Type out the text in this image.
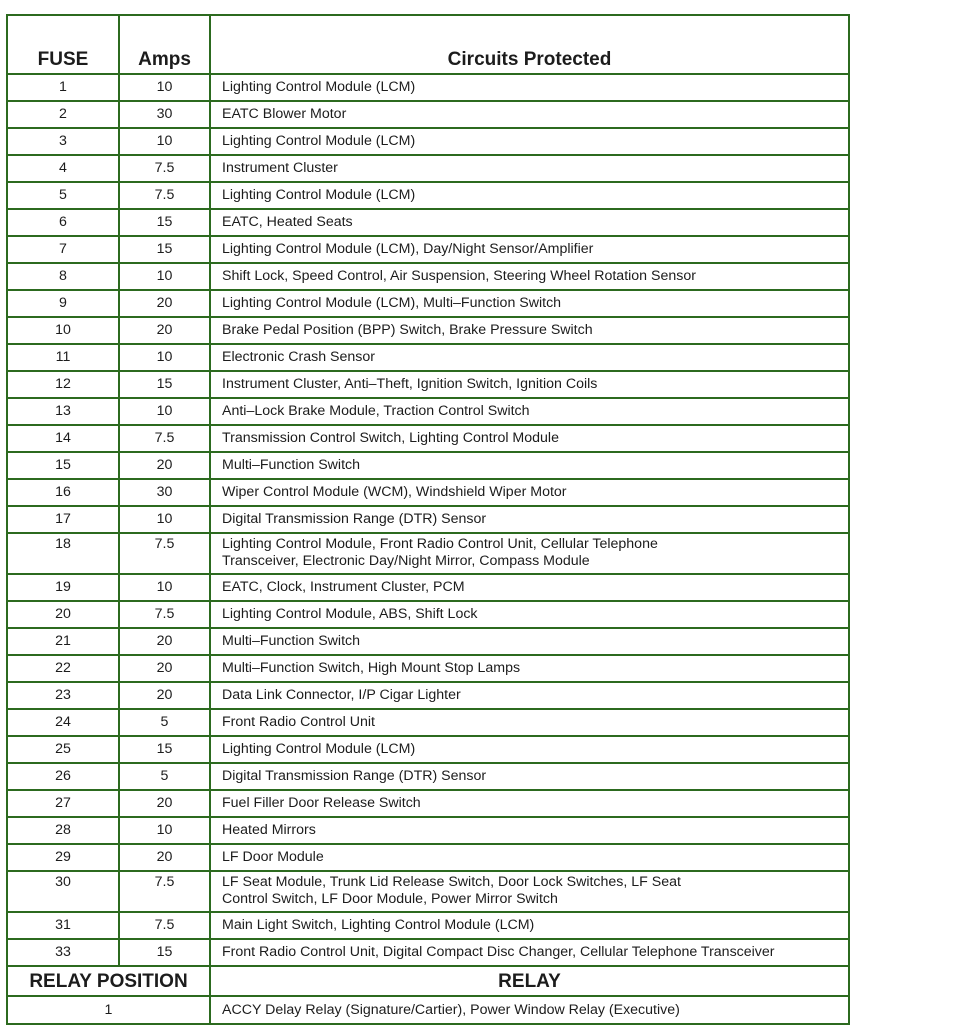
FUSE	Amps	Circuits Protected
1	10	Lighting Control Module (LCM)
2	30	EATC Blower Motor
3	10	Lighting Control Module (LCM)
4	7.5	Instrument Cluster
5	7.5	Lighting Control Module (LCM)
6	15	EATC, Heated Seats
7	15	Lighting Control Module (LCM), Day/Night Sensor/Amplifier
8	10	Shift Lock, Speed Control, Air Suspension, Steering Wheel Rotation Sensor
9	20	Lighting Control Module (LCM), Multi–Function Switch
10	20	Brake Pedal Position (BPP) Switch, Brake Pressure Switch
11	10	Electronic Crash Sensor
12	15	Instrument Cluster, Anti–Theft, Ignition Switch, Ignition Coils
13	10	Anti–Lock Brake Module, Traction Control Switch
14	7.5	Transmission Control Switch, Lighting Control Module
15	20	Multi–Function Switch
16	30	Wiper Control Module (WCM), Windshield Wiper Motor
17	10	Digital Transmission Range (DTR) Sensor
18	7.5	Lighting Control Module, Front Radio Control Unit, Cellular Telephone
Transceiver, Electronic Day/Night Mirror, Compass Module

19	10	EATC, Clock, Instrument Cluster, PCM
20	7.5	Lighting Control Module, ABS, Shift Lock
21	20	Multi–Function Switch
22	20	Multi–Function Switch, High Mount Stop Lamps
23	20	Data Link Connector, I/P Cigar Lighter
24	5	Front Radio Control Unit
25	15	Lighting Control Module (LCM)
26	5	Digital Transmission Range (DTR) Sensor
27	20	Fuel Filler Door Release Switch
28	10	Heated Mirrors
29	20	LF Door Module
30	7.5	LF Seat Module, Trunk Lid Release Switch, Door Lock Switches, LF Seat
Control Switch, LF Door Module, Power Mirror Switch

31	7.5	Main Light Switch, Lighting Control Module (LCM)
33	15	Front Radio Control Unit, Digital Compact Disc Changer, Cellular Telephone Transceiver
RELAY POSITION		RELAY
1		ACCY Delay Relay (Signature/Cartier), Power Window Relay (Executive)
